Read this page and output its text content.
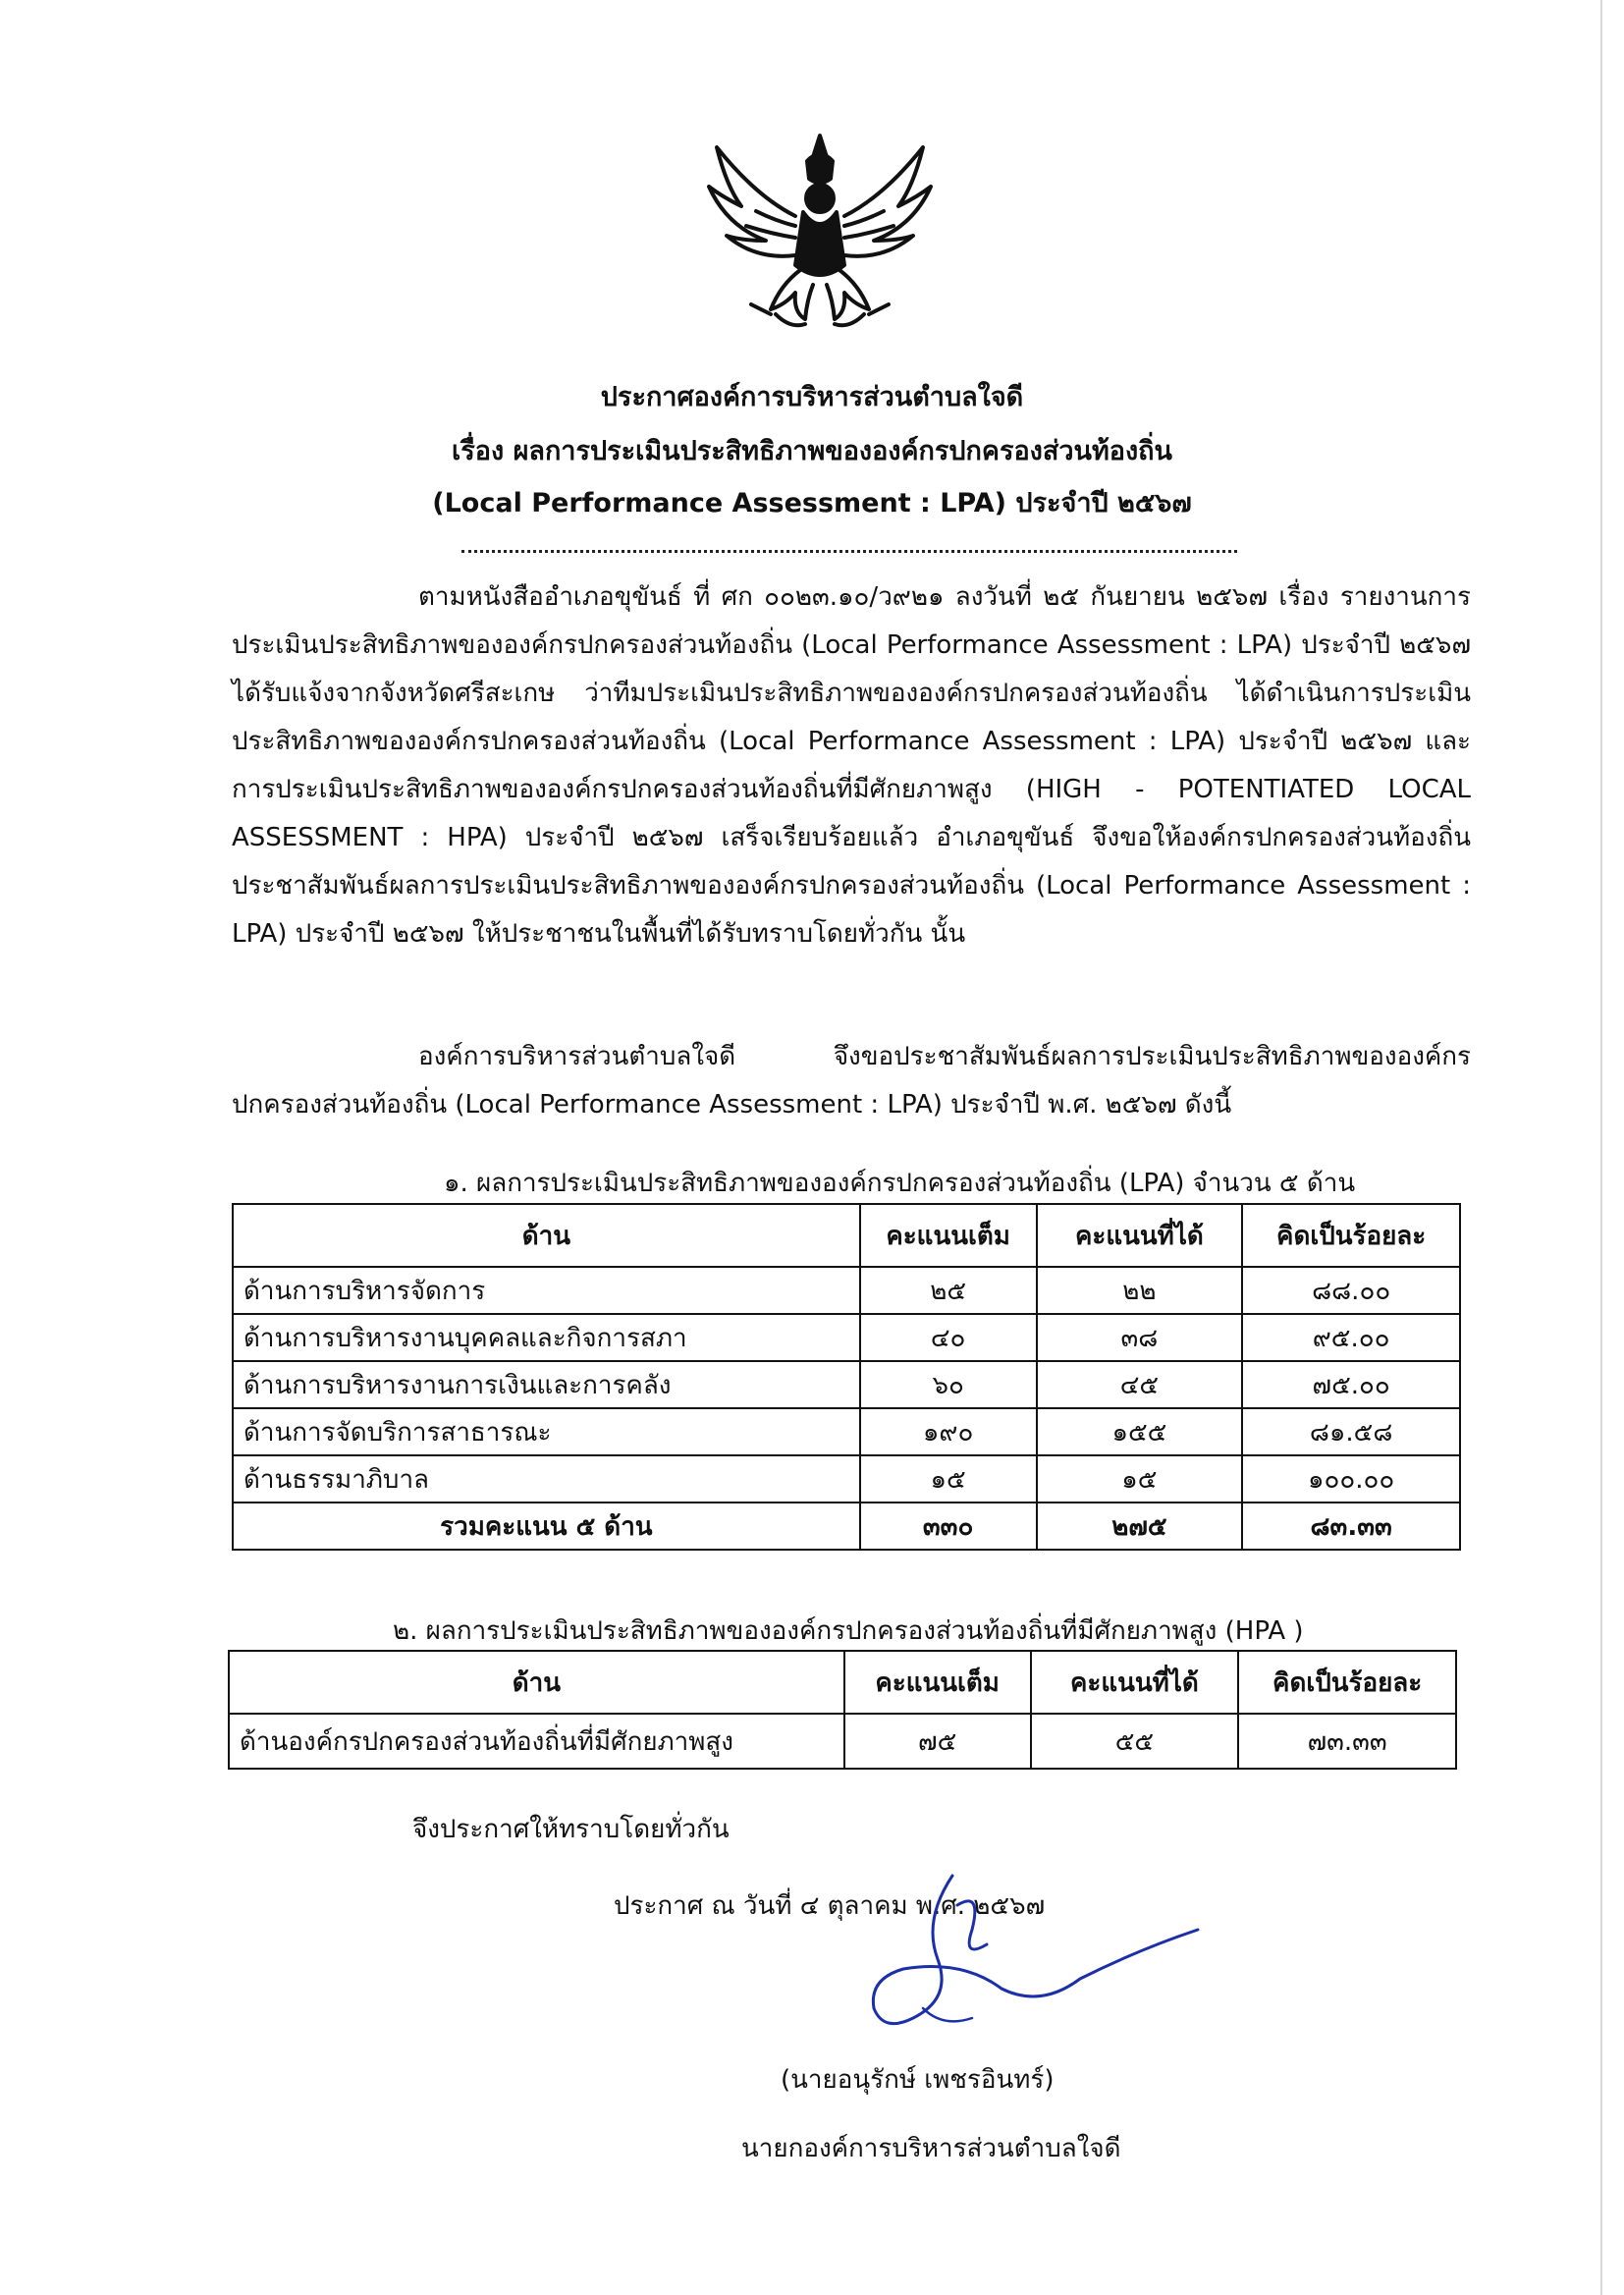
ประกาศองค์การบริหารส่วนตำบลใจดี
เรื่อง ผลการประเมินประสิทธิภาพขององค์กรปกครองส่วนท้องถิ่น
(Local Performance Assessment : LPA) ประจำปี ๒๕๖๗

ตามหนังสืออำเภอขุขันธ์ ที่ ศก ๐๐๒๓.๑๐/ว๙๒๑ ลงวันที่ ๒๕ กันยายน ๒๕๖๗ เรื่อง รายงานการประเมินประสิทธิภาพขององค์กรปกครองส่วนท้องถิ่น (Local Performance Assessment : LPA) ประจำปี ๒๕๖๗ ได้รับแจ้งจากจังหวัดศรีสะเกษ ว่าทีมประเมินประสิทธิภาพขององค์กรปกครองส่วนท้องถิ่น ได้ดำเนินการประเมินประสิทธิภาพขององค์กรปกครองส่วนท้องถิ่น (Local Performance Assessment : LPA) ประจำปี ๒๕๖๗ และการประเมินประสิทธิภาพขององค์กรปกครองส่วนท้องถิ่นที่มีศักยภาพสูง (HIGH - POTENTIATED LOCAL ASSESSMENT : HPA) ประจำปี ๒๕๖๗ เสร็จเรียบร้อยแล้ว อำเภอขุขันธ์ จึงขอให้องค์กรปกครองส่วนท้องถิ่นประชาสัมพันธ์ผลการประเมินประสิทธิภาพขององค์กรปกครองส่วนท้องถิ่น (Local Performance Assessment : LPA) ประจำปี ๒๕๖๗ ให้ประชาชนในพื้นที่ได้รับทราบโดยทั่วกัน นั้น

องค์การบริหารส่วนตำบลใจดี จึงขอประชาสัมพันธ์ผลการประเมินประสิทธิภาพขององค์กรปกครองส่วนท้องถิ่น (Local Performance Assessment : LPA) ประจำปี พ.ศ. ๒๕๖๗ ดังนี้

๑. ผลการประเมินประสิทธิภาพขององค์กรปกครองส่วนท้องถิ่น (LPA) จำนวน ๕ ด้าน
ด้าน	คะแนนเต็ม	คะแนนที่ได้	คิดเป็นร้อยละ
ด้านการบริหารจัดการ	๒๕	๒๒	๘๘.๐๐
ด้านการบริหารงานบุคคลและกิจการสภา	๔๐	๓๘	๙๕.๐๐
ด้านการบริหารงานการเงินและการคลัง	๖๐	๔๕	๗๕.๐๐
ด้านการจัดบริการสาธารณะ	๑๙๐	๑๕๕	๘๑.๕๘
ด้านธรรมาภิบาล	๑๕	๑๕	๑๐๐.๐๐
รวมคะแนน ๕ ด้าน	๓๓๐	๒๗๕	๘๓.๓๓
๒. ผลการประเมินประสิทธิภาพขององค์กรปกครองส่วนท้องถิ่นที่มีศักยภาพสูง (HPA )
ด้าน	คะแนนเต็ม	คะแนนที่ได้	คิดเป็นร้อยละ
ด้านองค์กรปกครองส่วนท้องถิ่นที่มีศักยภาพสูง	๗๕	๕๕	๗๓.๓๓
จึงประกาศให้ทราบโดยทั่วกัน
ประกาศ ณ วันที่ ๔ ตุลาคม พ.ศ. ๒๕๖๗
(นายอนุรักษ์ เพชรอินทร์)
นายกองค์การบริหารส่วนตำบลใจดี
